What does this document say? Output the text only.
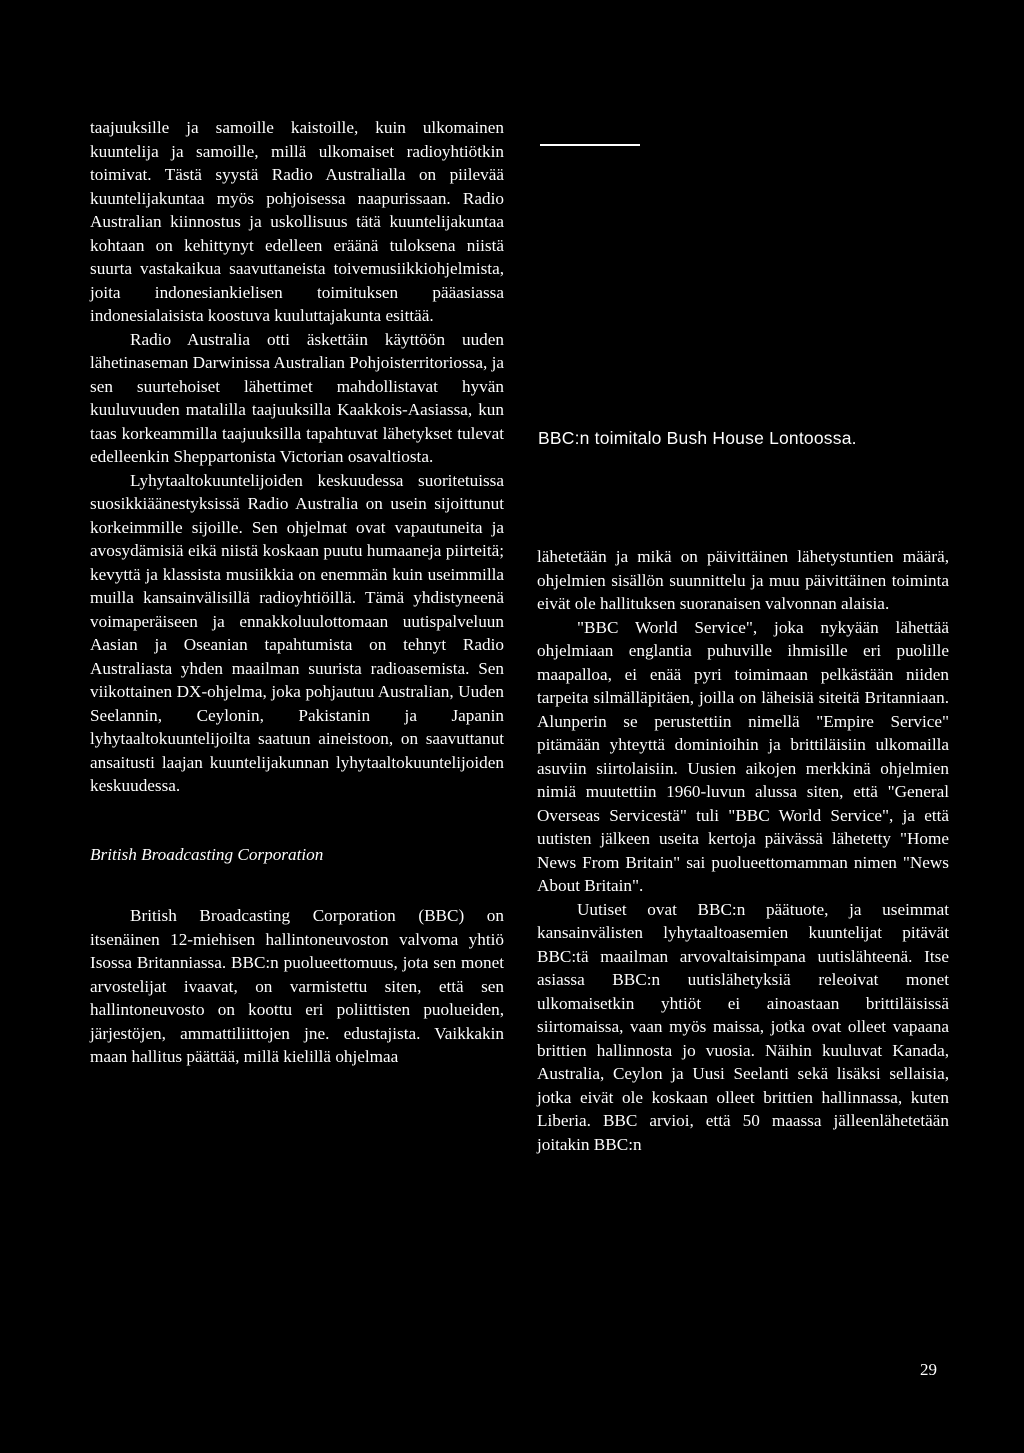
taajuuksille ja samoille kaistoille, kuin ulkomainen kuuntelija ja samoille, millä ulkomaiset radioyhtiötkin toimivat. Tästä syystä Radio Australialla on piilevää kuuntelijakuntaa myös pohjoisessa naapurissaan. Radio Australian kiinnostus ja uskollisuus tätä kuuntelijakuntaa kohtaan on kehittynyt edelleen eräänä tuloksena niistä suurta vastakaikua saavuttaneista toivemusiikkiohjelmista, joita indonesiankielisen toimituksen pääasiassa indonesialaisista koostuva kuuluttajakunta esittää.

Radio Australia otti äskettäin käyttöön uuden lähetinaseman Darwinissa Australian Pohjoisterritoriossa, ja sen suurtehoiset lähettimet mahdollistavat hyvän kuuluvuuden matalilla taajuuksilla Kaakkois-Aasiassa, kun taas korkeammilla taajuuksilla tapahtuvat lähetykset tulevat edelleenkin Sheppartonista Victorian osavaltiosta.

Lyhytaaltokuuntelijoiden keskuudessa suoritetuissa suosikkiäänestyksissä Radio Australia on usein sijoittunut korkeimmille sijoille. Sen ohjelmat ovat vapautuneita ja avosydämisiä eikä niistä koskaan puutu humaaneja piirteitä; kevyttä ja klassista musiikkia on enemmän kuin useimmilla muilla kansainvälisillä radioyhtiöillä. Tämä yhdistyneenä voimaperäiseen ja ennakkoluulottomaan uutispalveluun Aasian ja Oseanian tapahtumista on tehnyt Radio Australiasta yhden maailman suurista radioasemista. Sen viikottainen DX-ohjelma, joka pohjautuu Australian, Uuden Seelannin, Ceylonin, Pakistanin ja Japanin lyhytaaltokuuntelijoilta saatuun aineistoon, on saavuttanut ansaitusti laajan kuuntelijakunnan lyhytaaltokuuntelijoiden keskuudessa.

British Broadcasting Corporation

British Broadcasting Corporation (BBC) on itsenäinen 12-miehisen hallintoneuvoston valvoma yhtiö Isossa Britanniassa. BBC:n puolueettomuus, jota sen monet arvostelijat ivaavat, on varmistettu siten, että sen hallintoneuvosto on koottu eri poliittisten puolueiden, järjestöjen, ammattiliittojen jne. edustajista. Vaikkakin maan hallitus päättää, millä kielillä ohjelmaa

BBC:n toimitalo Bush House Lontoossa.

lähetetään ja mikä on päivittäinen lähetystuntien määrä, ohjelmien sisällön suunnittelu ja muu päivittäinen toiminta eivät ole hallituksen suoranaisen valvonnan alaisia.

"BBC World Service", joka nykyään lähettää ohjelmiaan englantia puhuville ihmisille eri puolille maapalloa, ei enää pyri toimimaan pelkästään niiden tarpeita silmälläpitäen, joilla on läheisiä siteitä Britanniaan. Alunperin se perustettiin nimellä "Empire Service" pitämään yhteyttä dominioihin ja brittiläisiin ulkomailla asuviin siirtolaisiin. Uusien aikojen merkkinä ohjelmien nimiä muutettiin 1960-luvun alussa siten, että "General Overseas Servicestä" tuli "BBC World Service", ja että uutisten jälkeen useita kertoja päivässä lähetetty "Home News From Britain" sai puolueettomamman nimen "News About Britain".

Uutiset ovat BBC:n päätuote, ja useimmat kansainvälisten lyhytaaltoasemien kuuntelijat pitävät BBC:tä maailman arvovaltaisimpana uutislähteenä. Itse asiassa BBC:n uutislähetyksiä releoivat monet ulkomaisetkin yhtiöt ei ainoastaan brittiläisissä siirtomaissa, vaan myös maissa, jotka ovat olleet vapaana brittien hallinnosta jo vuosia. Näihin kuuluvat Kanada, Australia, Ceylon ja Uusi Seelanti sekä lisäksi sellaisia, jotka eivät ole koskaan olleet brittien hallinnassa, kuten Liberia. BBC arvioi, että 50 maassa jälleenlähetetään joitakin BBC:n

29
